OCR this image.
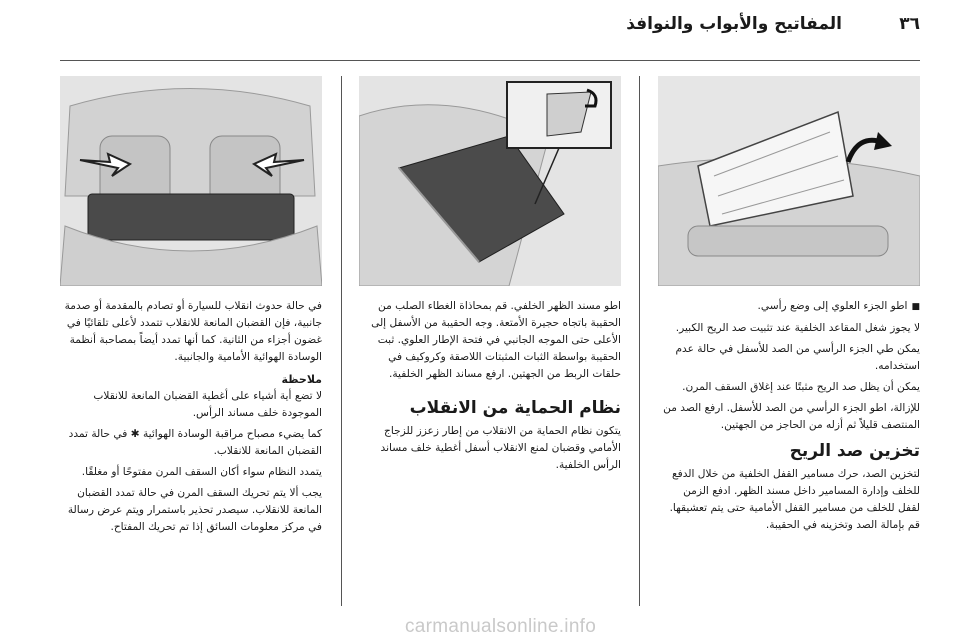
٣٦
المفاتيح والأبواب والنوافذ

■اطو الجزء العلوي إلى وضع رأسي.

لا يجوز شغل المقاعد الخلفية عند تثبيت صد الريح الكبير.

يمكن طي الجزء الرأسي من الصد للأسفل في حالة عدم استخدامه.

يمكن أن يظل صد الريح مثبتًا عند إغلاق السقف المرن.

للإزالة، اطو الجزء الرأسي من الصد للأسفل. ارفع الصد من المنتصف قليلاً ثم أزله من الحاجز من الجهتين.

تخزين صد الريح

لتخزين الصد، حرك مسامير القفل الخلفية من خلال الدفع للخلف وإدارة المسامير داخل مسند الظهر. ادفع الزمن لقفل للخلف من مسامير القفل الأمامية حتى يتم تعشيقها. قم بإمالة الصد وتخزينه في الحقيبة.

اطو مسند الظهر الخلفي. قم بمحاذاة الغطاء الصلب من الحقيبة باتجاه حجيرة الأمتعة. وجه الحقيبة من الأسفل إلى الأعلى حتى الموجه الجانبي في فتحة الإطار العلوي. ثبت الحقيبة بواسطة الثبات المثبتات اللاصقة وكروكيف في حلقات الربط من الجهتين. ارفع مساند الظهر الخلفية.

نظام الحماية من الانقلاب

يتكون نظام الحماية من الانقلاب من إطار زعزز للزجاج الأمامي وقضبان لمنع الانقلاب أسفل أغطية خلف مساند الرأس الخلفية.

في حالة حدوث انقلاب للسيارة أو تصادم بالمقدمة أو صدمة جانبية، فإن القضبان المانعة للانقلاب تتمدد لأعلى تلقائيًا في غضون أجزاء من الثانية. كما أنها تمدد أيضاً بمصاحبة أنظمة الوسادة الهوائية الأمامية والجانبية.

ملاحظة

لا تضع أية أشياء على أغطية القضبان المانعة للانقلاب الموجودة خلف مساند الرأس.

كما يضيء مصباح مراقبة الوسادة الهوائية ✱ في حالة تمدد القضبان المانعة للانقلاب.

يتمدد النظام سواء أكان السقف المرن مفتوحًا أو مغلقًا.

يجب ألا يتم تحريك السقف المرن في حالة تمدد القضبان المانعة للانقلاب. سيصدر تحذير باستمرار ويتم عرض رسالة في مركز معلومات السائق إذا تم تحريك المفتاح.

carmanualsonline.info
